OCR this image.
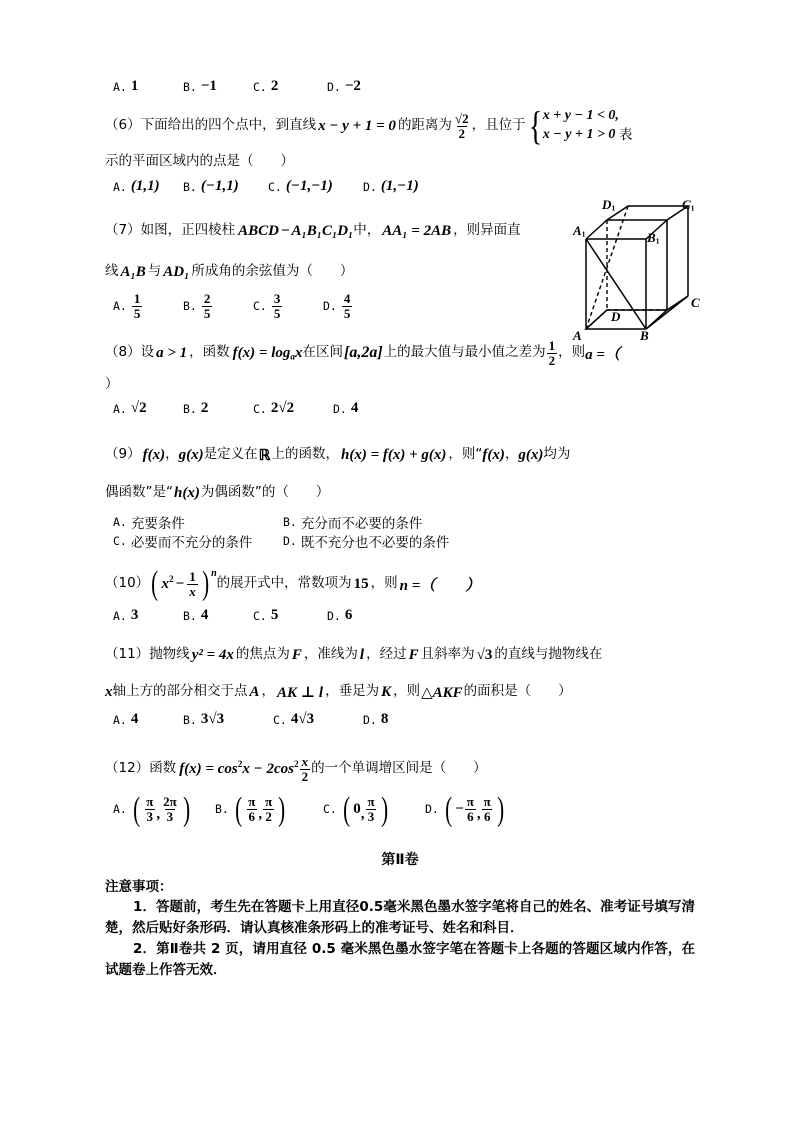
$D_1$	$C_1$
$A_1$	$B_1$
D
C
A	B
A. 1	B. −1	C. 2	D. −2
（6） 下面给出的四个点中，到直线 x − y + 1 = 0 的距离为 $\frac{√2}{2}$ ，且位于 { x + y − 1 < 0,
x − y + 1 > 0 表
示的平面区域内的点是（　　）
A. (1,1) B. (−1,1)	C. (−1,−1)	D. (1,−1)
（7） 如图，正四棱柱 ABCD − A₁B₁C₁D₁ 中， AA₁ = 2AB ，则异面直
线 A₁B 与 AD₁ 所成角的余弦值为（　　）
A. $\frac{1}{5}$	B. $\frac{2}{5}$	C. $\frac{3}{5}$	D. $\frac{4}{5}$
（8） 设 a > 1 ，函数 $f(x) = \log_ax$ 在区间 [a,2a] 上的最大值与最小值之差为 $\frac{1}{2}$ ，则 a =（
）
A. √2	B. 2	C. 2√2	D. 4
（9） f(x) ， g(x) 是定义在 ℝ 上的函数， h(x) = f(x) + g(x) ，则“ f(x) ， g(x) 均为
偶函数”是“ h(x) 为偶函数”的（　　）
A. 充要条件	B. 充分而不必要的条件
C. 必要而不充分的条件	D. 既不充分也不必要的条件
（10） ( $x^2 - \frac{1}{x}$ ) n
的展开式中，常数项为 15 ，则 n =（　　）
A. 3	B. 4	C. 5	D. 6
（11） 抛物线 y² = 4x 的焦点为 F ，准线为 l ，经过 F 且斜率为 √3 的直线与抛物线在
x 轴上方的部分相交于点 A ， AK ⊥ l ，垂足为 K ，则 △AKF 的面积是（　　）
A. 4	B. 3√3	C. 4√3	D. 8
（12） 函数 $f(x) = \cos^2x - 2\cos^2 \frac{x}{2}$ 的一个单调增区间是（　　）
A. ( $\frac{\pi}{3}$ , $\frac{2\pi}{3}$ ) B. ( $\frac{\pi}{6}$ , $\frac{\pi}{2}$ )	C. ( 0 , $\frac{\pi}{3}$ )	D. ( − $\frac{\pi}{6}$ , $\frac{\pi}{6}$ )
第Ⅱ卷
注意事项：
1．答题前，考生先在答题卡上用直径0.5毫米黑色墨水签字笔将自己的姓名、准考证号填写清楚，然后贴好条形码．请认真核准条形码上的准考证号、姓名和科目．
2．第Ⅱ卷共 2 页，请用直径 0.5 毫米黑色墨水签字笔在答题卡上各题的答题区域内作答，在试题卷上作答无效．
